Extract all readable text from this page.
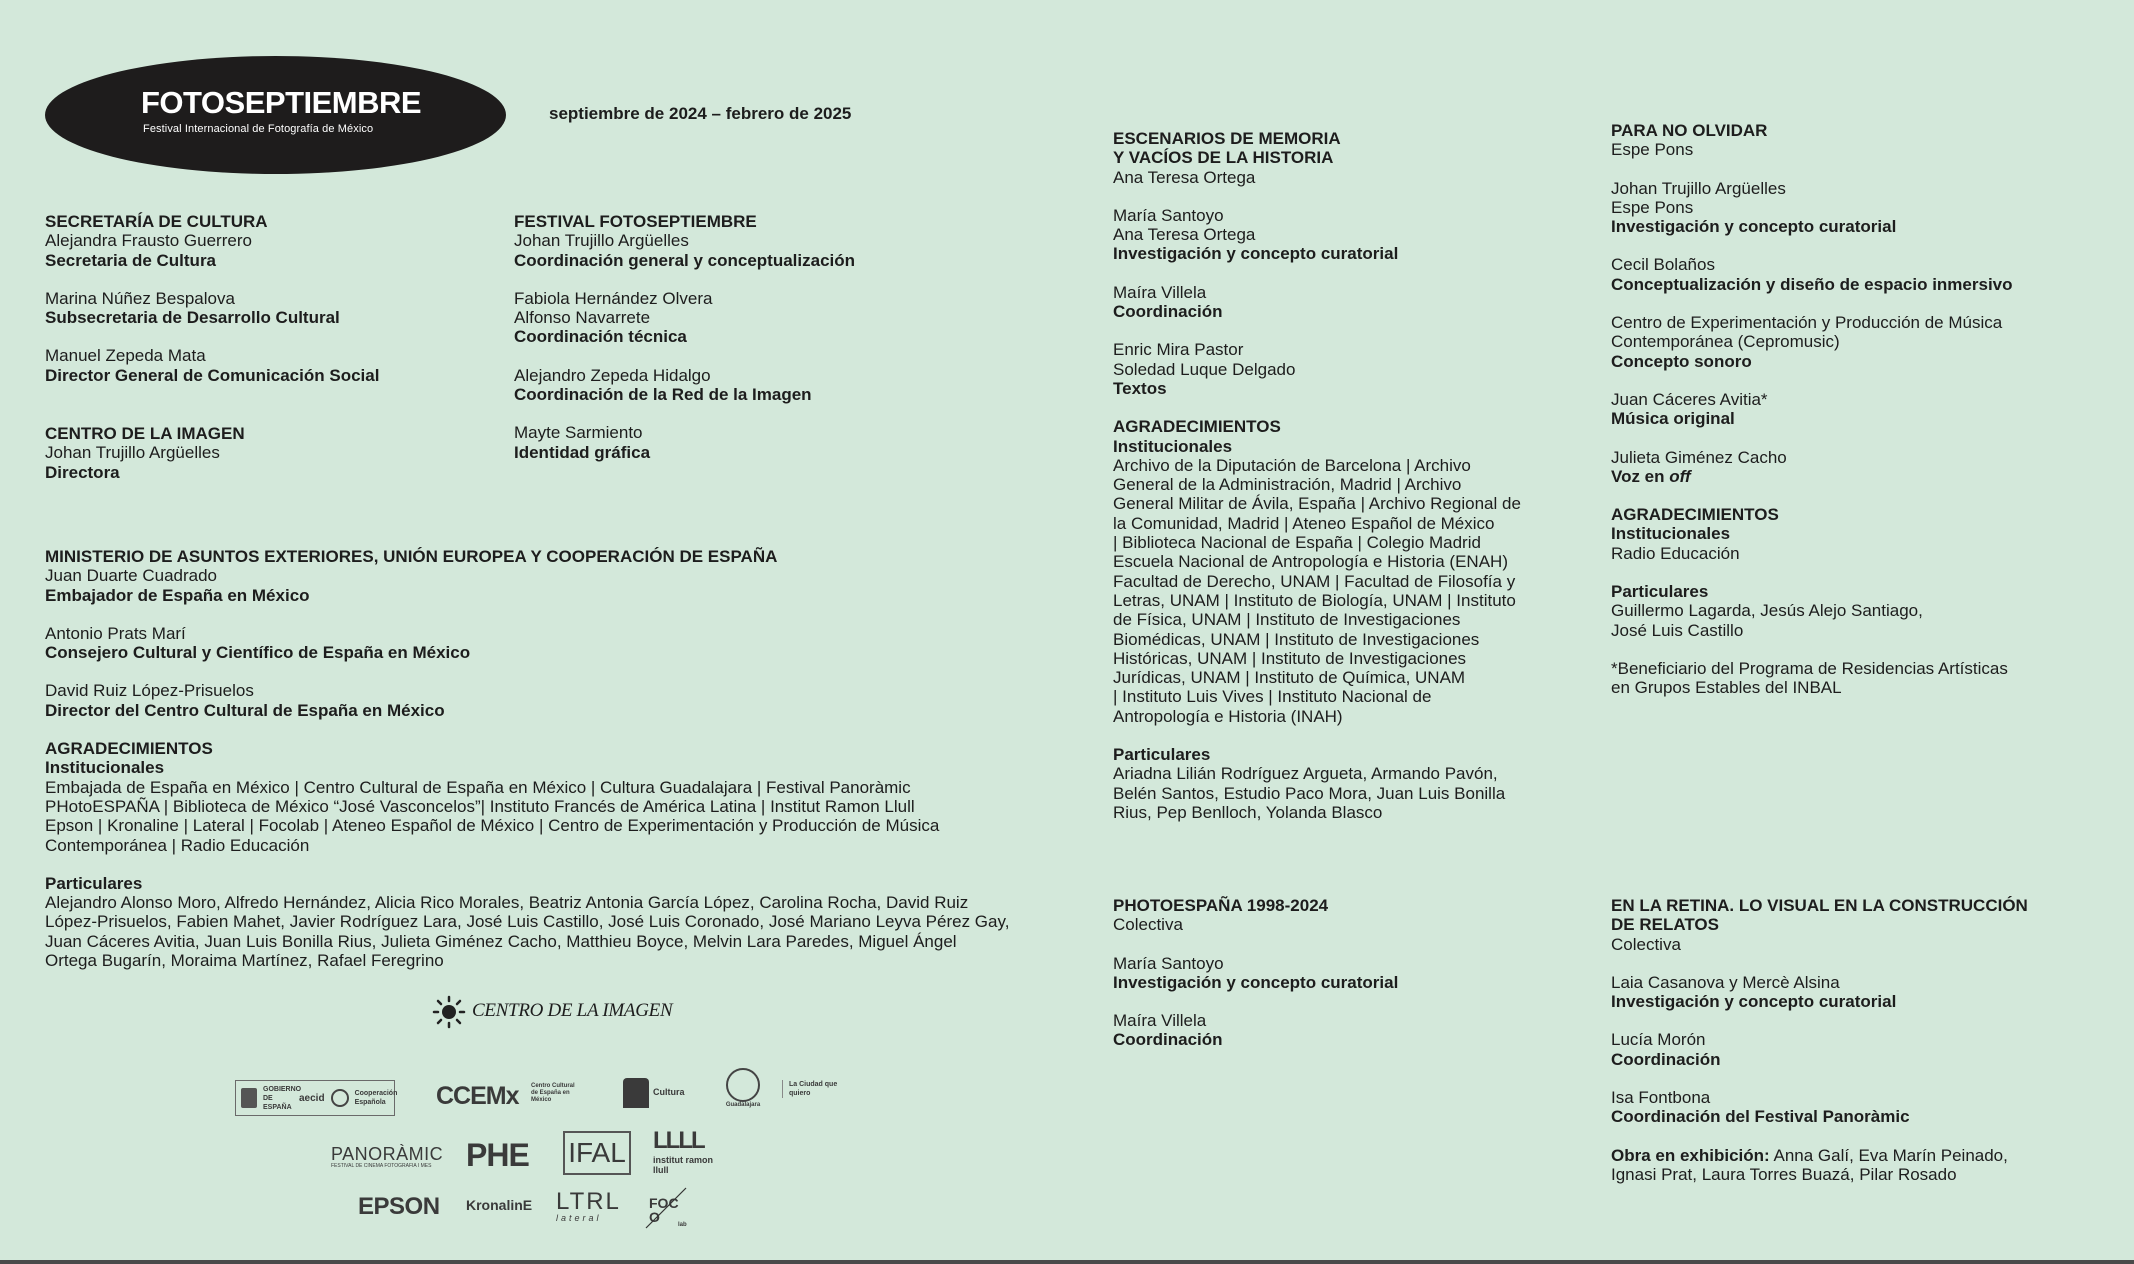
FOTOSEPTIEMBRE
Festival Internacional de Fotografía de México
septiembre de 2024 – febrero de 2025
SECRETARÍA DE CULTURA
Alejandra Frausto Guerrero
Secretaria de Cultura
Marina Núñez Bespalova
Subsecretaria de Desarrollo Cultural
Manuel Zepeda Mata
Director General de Comunicación Social
CENTRO DE LA IMAGEN
Johan Trujillo Argüelles
Directora
FESTIVAL FOTOSEPTIEMBRE
Johan Trujillo Argüelles
Coordinación general y conceptualización
Fabiola Hernández Olvera
Alfonso Navarrete
Coordinación técnica
Alejandro Zepeda Hidalgo
Coordinación de la Red de la Imagen
Mayte Sarmiento
Identidad gráfica
MINISTERIO DE ASUNTOS EXTERIORES, UNIÓN EUROPEA Y COOPERACIÓN DE ESPAÑA
Juan Duarte Cuadrado
Embajador de España en México
Antonio Prats Marí
Consejero Cultural y Científico de España en México
David Ruiz López-Prisuelos
Director del Centro Cultural de España en México
AGRADECIMIENTOS
Institucionales
Embajada de España en México | Centro Cultural de España en México | Cultura Guadalajara | Festival Panoràmic
PHotoESPAÑA | Biblioteca de México “José Vasconcelos”| Instituto Francés de América Latina | Institut Ramon Llull
Epson | Kronaline | Lateral | Focolab | Ateneo Español de México | Centro de Experimentación y Producción de Música
Contemporánea | Radio Educación
Particulares
Alejandro Alonso Moro, Alfredo Hernández, Alicia Rico Morales, Beatriz Antonia García López, Carolina Rocha, David Ruiz
López-Prisuelos, Fabien Mahet, Javier Rodríguez Lara, José Luis Castillo, José Luis Coronado, José Mariano Leyva Pérez Gay,
Juan Cáceres Avitia, Juan Luis Bonilla Rius, Julieta Giménez Cacho, Matthieu Boyce, Melvin Lara Paredes, Miguel Ángel
Ortega Bugarín, Moraima Martínez, Rafael Feregrino
CENTRO DE LA IMAGEN
GOBIERNO DE ESPAÑA
aecid	Cooperación Española CCEMx Centro Cultural de España en México
Cultura
Guadalajara
La Ciudad que quiero
PANORÀMIC
FESTIVAL DE CINEMA FOTOGRAFIA I MES PHE IFAL LLLL
institut ramon llull
EPSON KronalinE LTRL
lateral
FOCO	lab
ESCENARIOS DE MEMORIA
Y VACÍOS DE LA HISTORIA
Ana Teresa Ortega
María Santoyo
Ana Teresa Ortega
Investigación y concepto curatorial
Maíra Villela
Coordinación
Enric Mira Pastor
Soledad Luque Delgado
Textos
AGRADECIMIENTOS
Institucionales
Archivo de la Diputación de Barcelona | Archivo
General de la Administración, Madrid | Archivo
General Militar de Ávila, España | Archivo Regional de
la Comunidad, Madrid | Ateneo Español de México
| Biblioteca Nacional de España | Colegio Madrid
Escuela Nacional de Antropología e Historia (ENAH)
Facultad de Derecho, UNAM | Facultad de Filosofía y
Letras, UNAM | Instituto de Biología, UNAM | Instituto
de Física, UNAM | Instituto de Investigaciones
Biomédicas, UNAM | Instituto de Investigaciones
Históricas, UNAM | Instituto de Investigaciones
Jurídicas, UNAM | Instituto de Química, UNAM
| Instituto Luis Vives | Instituto Nacional de
Antropología e Historia (INAH)
Particulares
Ariadna Lilián Rodríguez Argueta, Armando Pavón,
Belén Santos, Estudio Paco Mora, Juan Luis Bonilla
Rius, Pep Benlloch, Yolanda Blasco
PHOTOESPAÑA 1998-2024
Colectiva
María Santoyo
Investigación y concepto curatorial
Maíra Villela
Coordinación
PARA NO OLVIDAR
Espe Pons
Johan Trujillo Argüelles
Espe Pons
Investigación y concepto curatorial
Cecil Bolaños
Conceptualización y diseño de espacio inmersivo
Centro de Experimentación y Producción de Música
Contemporánea (Cepromusic)
Concepto sonoro
Juan Cáceres Avitia*
Música original
Julieta Giménez Cacho
Voz en off
AGRADECIMIENTOS
Institucionales
Radio Educación
Particulares
Guillermo Lagarda, Jesús Alejo Santiago,
José Luis Castillo
*Beneficiario del Programa de Residencias Artísticas
en Grupos Estables del INBAL
EN LA RETINA. LO VISUAL EN LA CONSTRUCCIÓN
DE RELATOS
Colectiva
Laia Casanova y Mercè Alsina
Investigación y concepto curatorial
Lucía Morón
Coordinación
Isa Fontbona
Coordinación del Festival Panoràmic
Obra en exhibición: Anna Galí, Eva Marín Peinado,
Ignasi Prat, Laura Torres Buazá, Pilar Rosado
